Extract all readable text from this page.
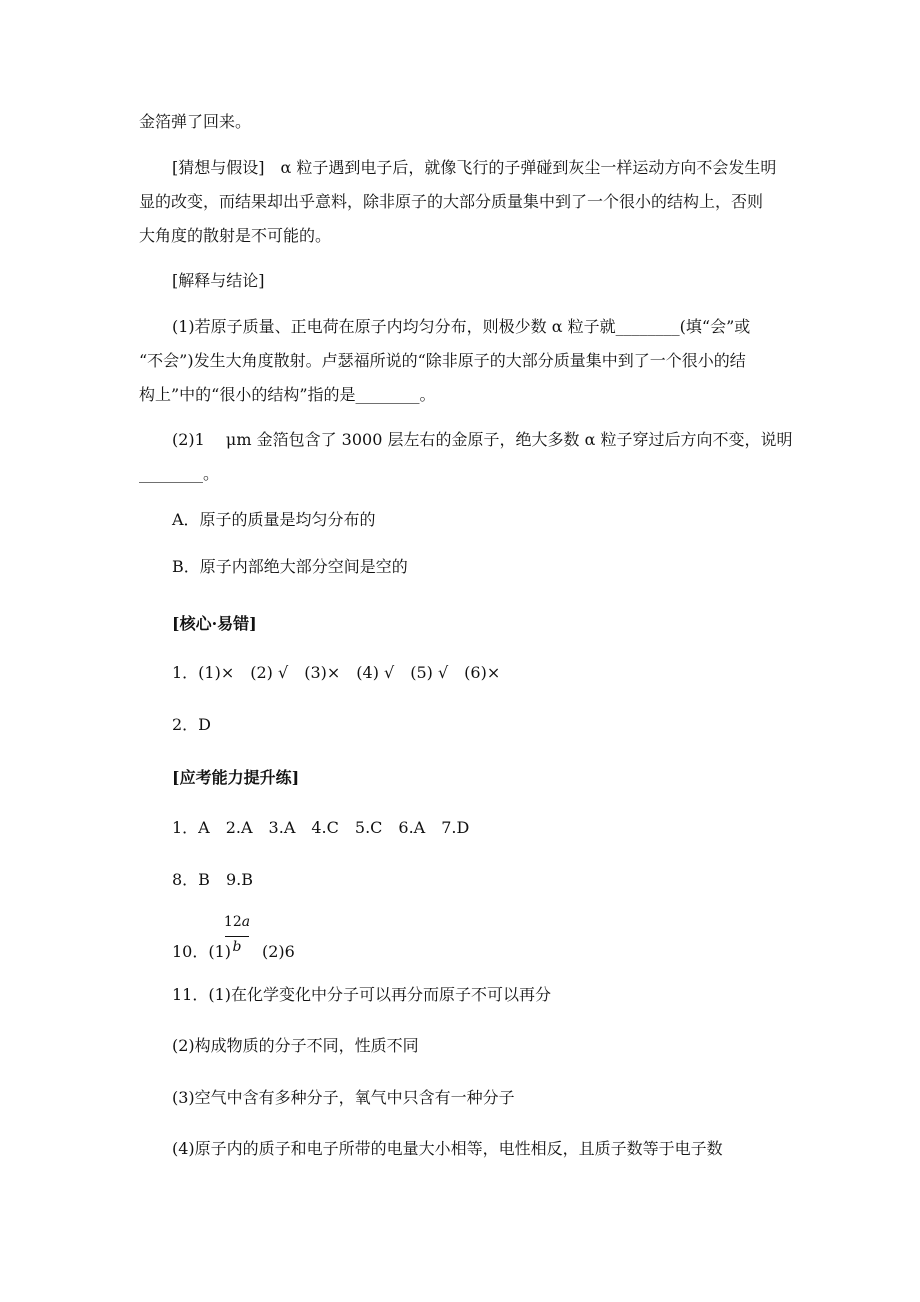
金箔弹了回来。
[猜想与假设]　α 粒子遇到电子后，就像飞行的子弹碰到灰尘一样运动方向不会发生明
显的改变，而结果却出乎意料，除非原子的大部分质量集中到了一个很小的结构上，否则
大角度的散射是不可能的。
[解释与结论]
(1)若原子质量、正电荷在原子内均匀分布，则极少数 α 粒子就________(填“会”或
“不会”)发生大角度散射。卢瑟福所说的“除非原子的大部分质量集中到了一个很小的结
构上”中的“很小的结构”指的是________。
(2)1　 μm 金箔包含了 3000 层左右的金原子，绝大多数 α 粒子穿过后方向不变，说明
________。
A．原子的质量是均匀分布的
B．原子内部绝大部分空间是空的
[核心·易错]
1．(1)×　(2) √　(3)×　(4) √　(5) √　(6)×
2．D
[应考能力提升练]
1．A　2.A　3.A　4.C　5.C　6.A　7.D
8．B　9.B
10．(1)
12a
b	(2)6
11．(1)在化学变化中分子可以再分而原子不可以再分
(2)构成物质的分子不同，性质不同
(3)空气中含有多种分子，氧气中只含有一种分子
(4)原子内的质子和电子所带的电量大小相等，电性相反，且质子数等于电子数
